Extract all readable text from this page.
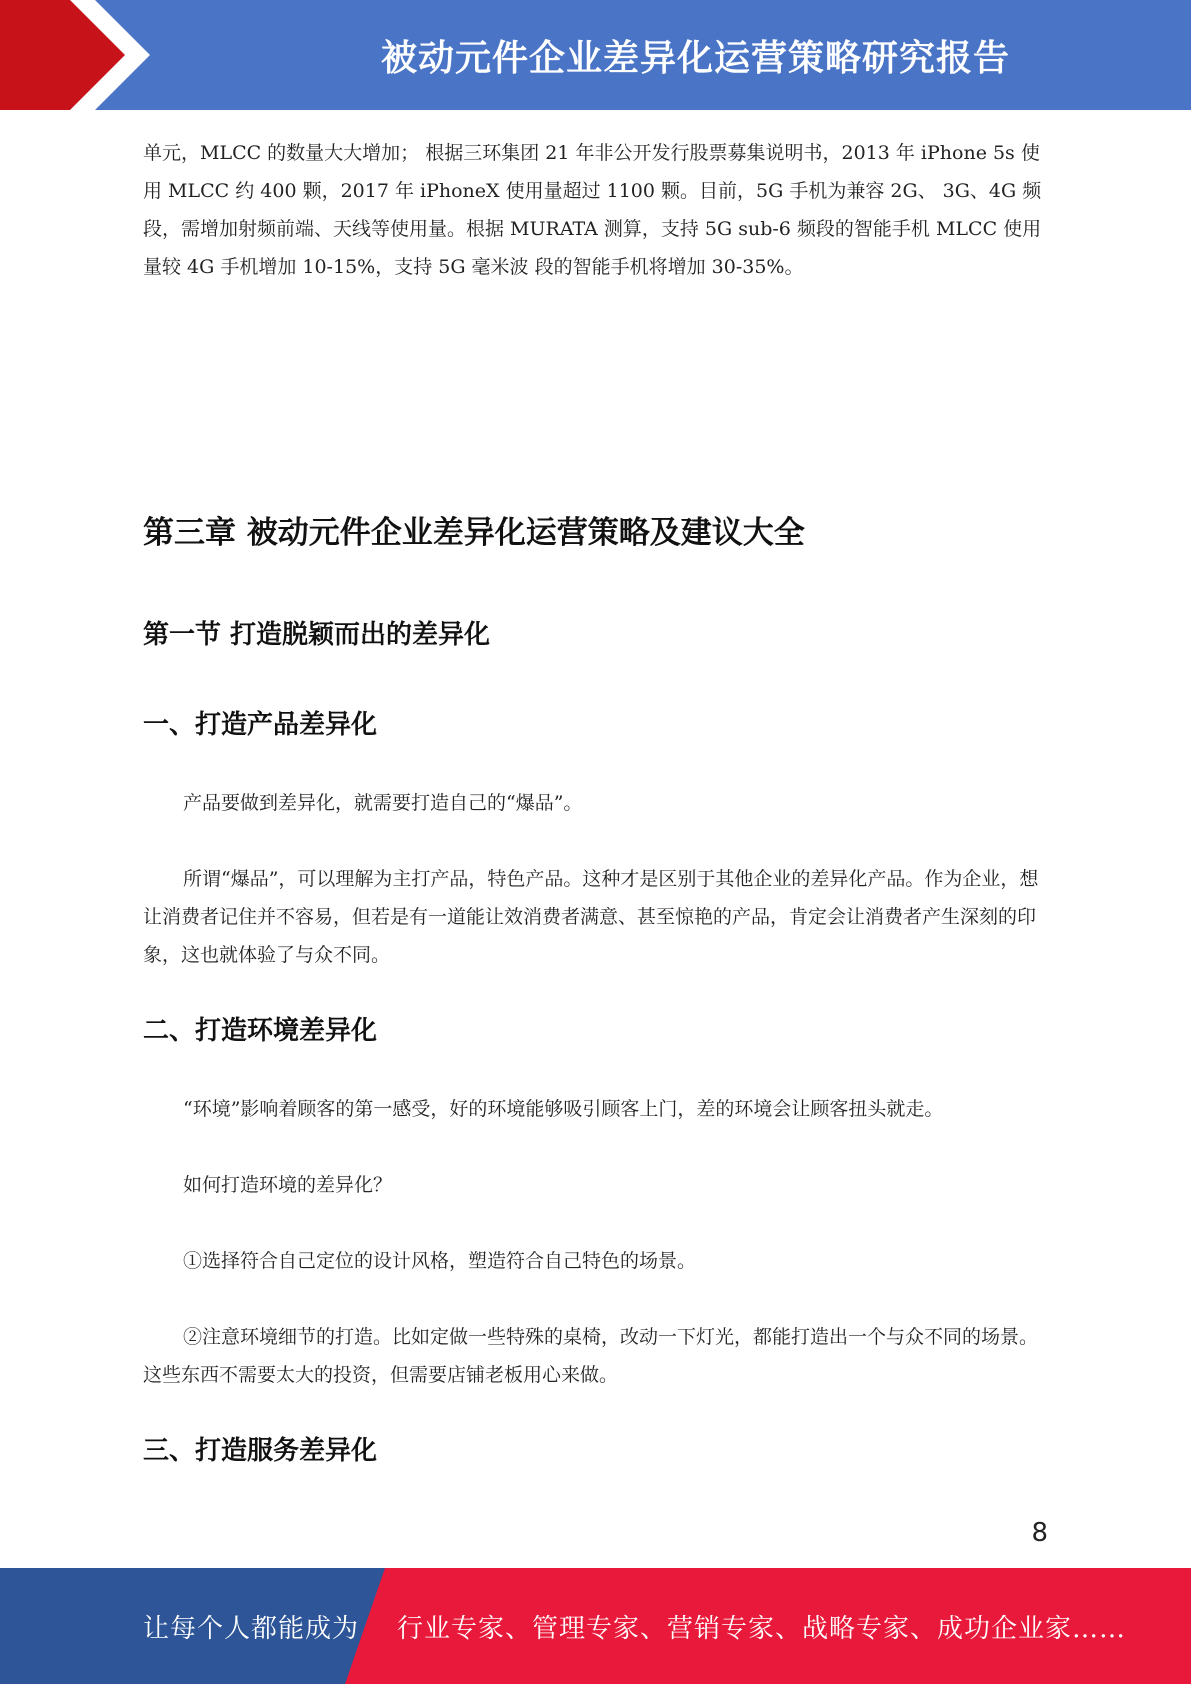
被动元件企业差异化运营策略研究报告

单元，MLCC 的数量大大增加； 根据三环集团 21 年非公开发行股票募集说明书，2013 年 iPhone 5s 使用 MLCC 约 400 颗，2017 年 iPhoneX 使用量超过 1100 颗。目前，5G 手机为兼容 2G、 3G、4G 频段，需增加射频前端、天线等使用量。根据 MURATA 测算，支持 5G sub-6 频段的智能手机 MLCC 使用量较 4G 手机增加 10-15%，支持 5G 毫米波 段的智能手机将增加 30-35%。

第三章 被动元件企业差异化运营策略及建议大全
第一节 打造脱颖而出的差异化
一、打造产品差异化

产品要做到差异化，就需要打造自己的“爆品”。

所谓“爆品”，可以理解为主打产品，特色产品。这种才是区别于其他企业的差异化产品。作为企业，想让消费者记住并不容易，但若是有一道能让效消费者满意、甚至惊艳的产品，肯定会让消费者产生深刻的印象，这也就体验了与众不同。

二、打造环境差异化

“环境”影响着顾客的第一感受，好的环境能够吸引顾客上门，差的环境会让顾客扭头就走。

如何打造环境的差异化？

①选择符合自己定位的设计风格，塑造符合自己特色的场景。

②注意环境细节的打造。比如定做一些特殊的桌椅，改动一下灯光，都能打造出一个与众不同的场景。这些东西不需要太大的投资，但需要店铺老板用心来做。

三、打造服务差异化
8
让每个人都能成为 行业专家、管理专家、营销专家、战略专家、成功企业家……
